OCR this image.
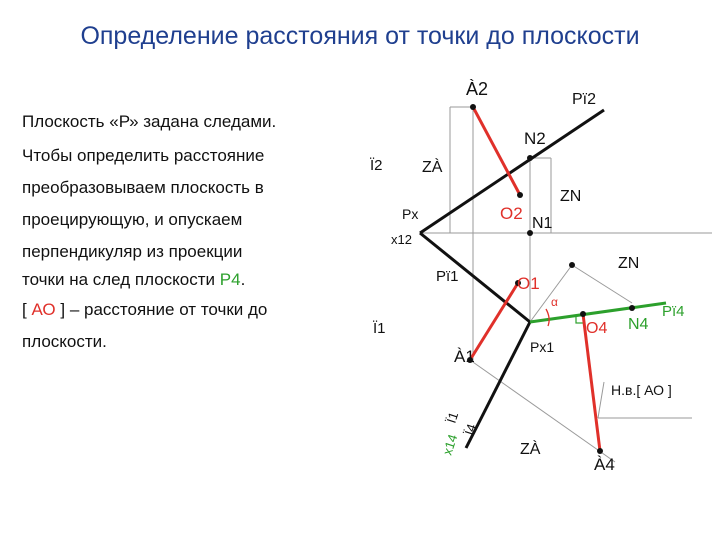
Определение расстояния от точки до плоскости
Плоскость «Р» задана следами.
Чтобы определить расстояние
преобразовываем плоскость в
проецирующую, и опускаем
перпендикуляр из проекции
точки на след плоскости Р4.
[ АО ] – расстояние от точки до
плоскости.
À2
Pï2
N2
Ï2 ZÀ
ZN
Px	O2
N1
x12
ZN
Pï1	O1
α
Pï4
Ï1	O4 N4
Px1
À1
Н.в.[ АО ]
Ï1
Ï4
x14	ZÀ
À4
